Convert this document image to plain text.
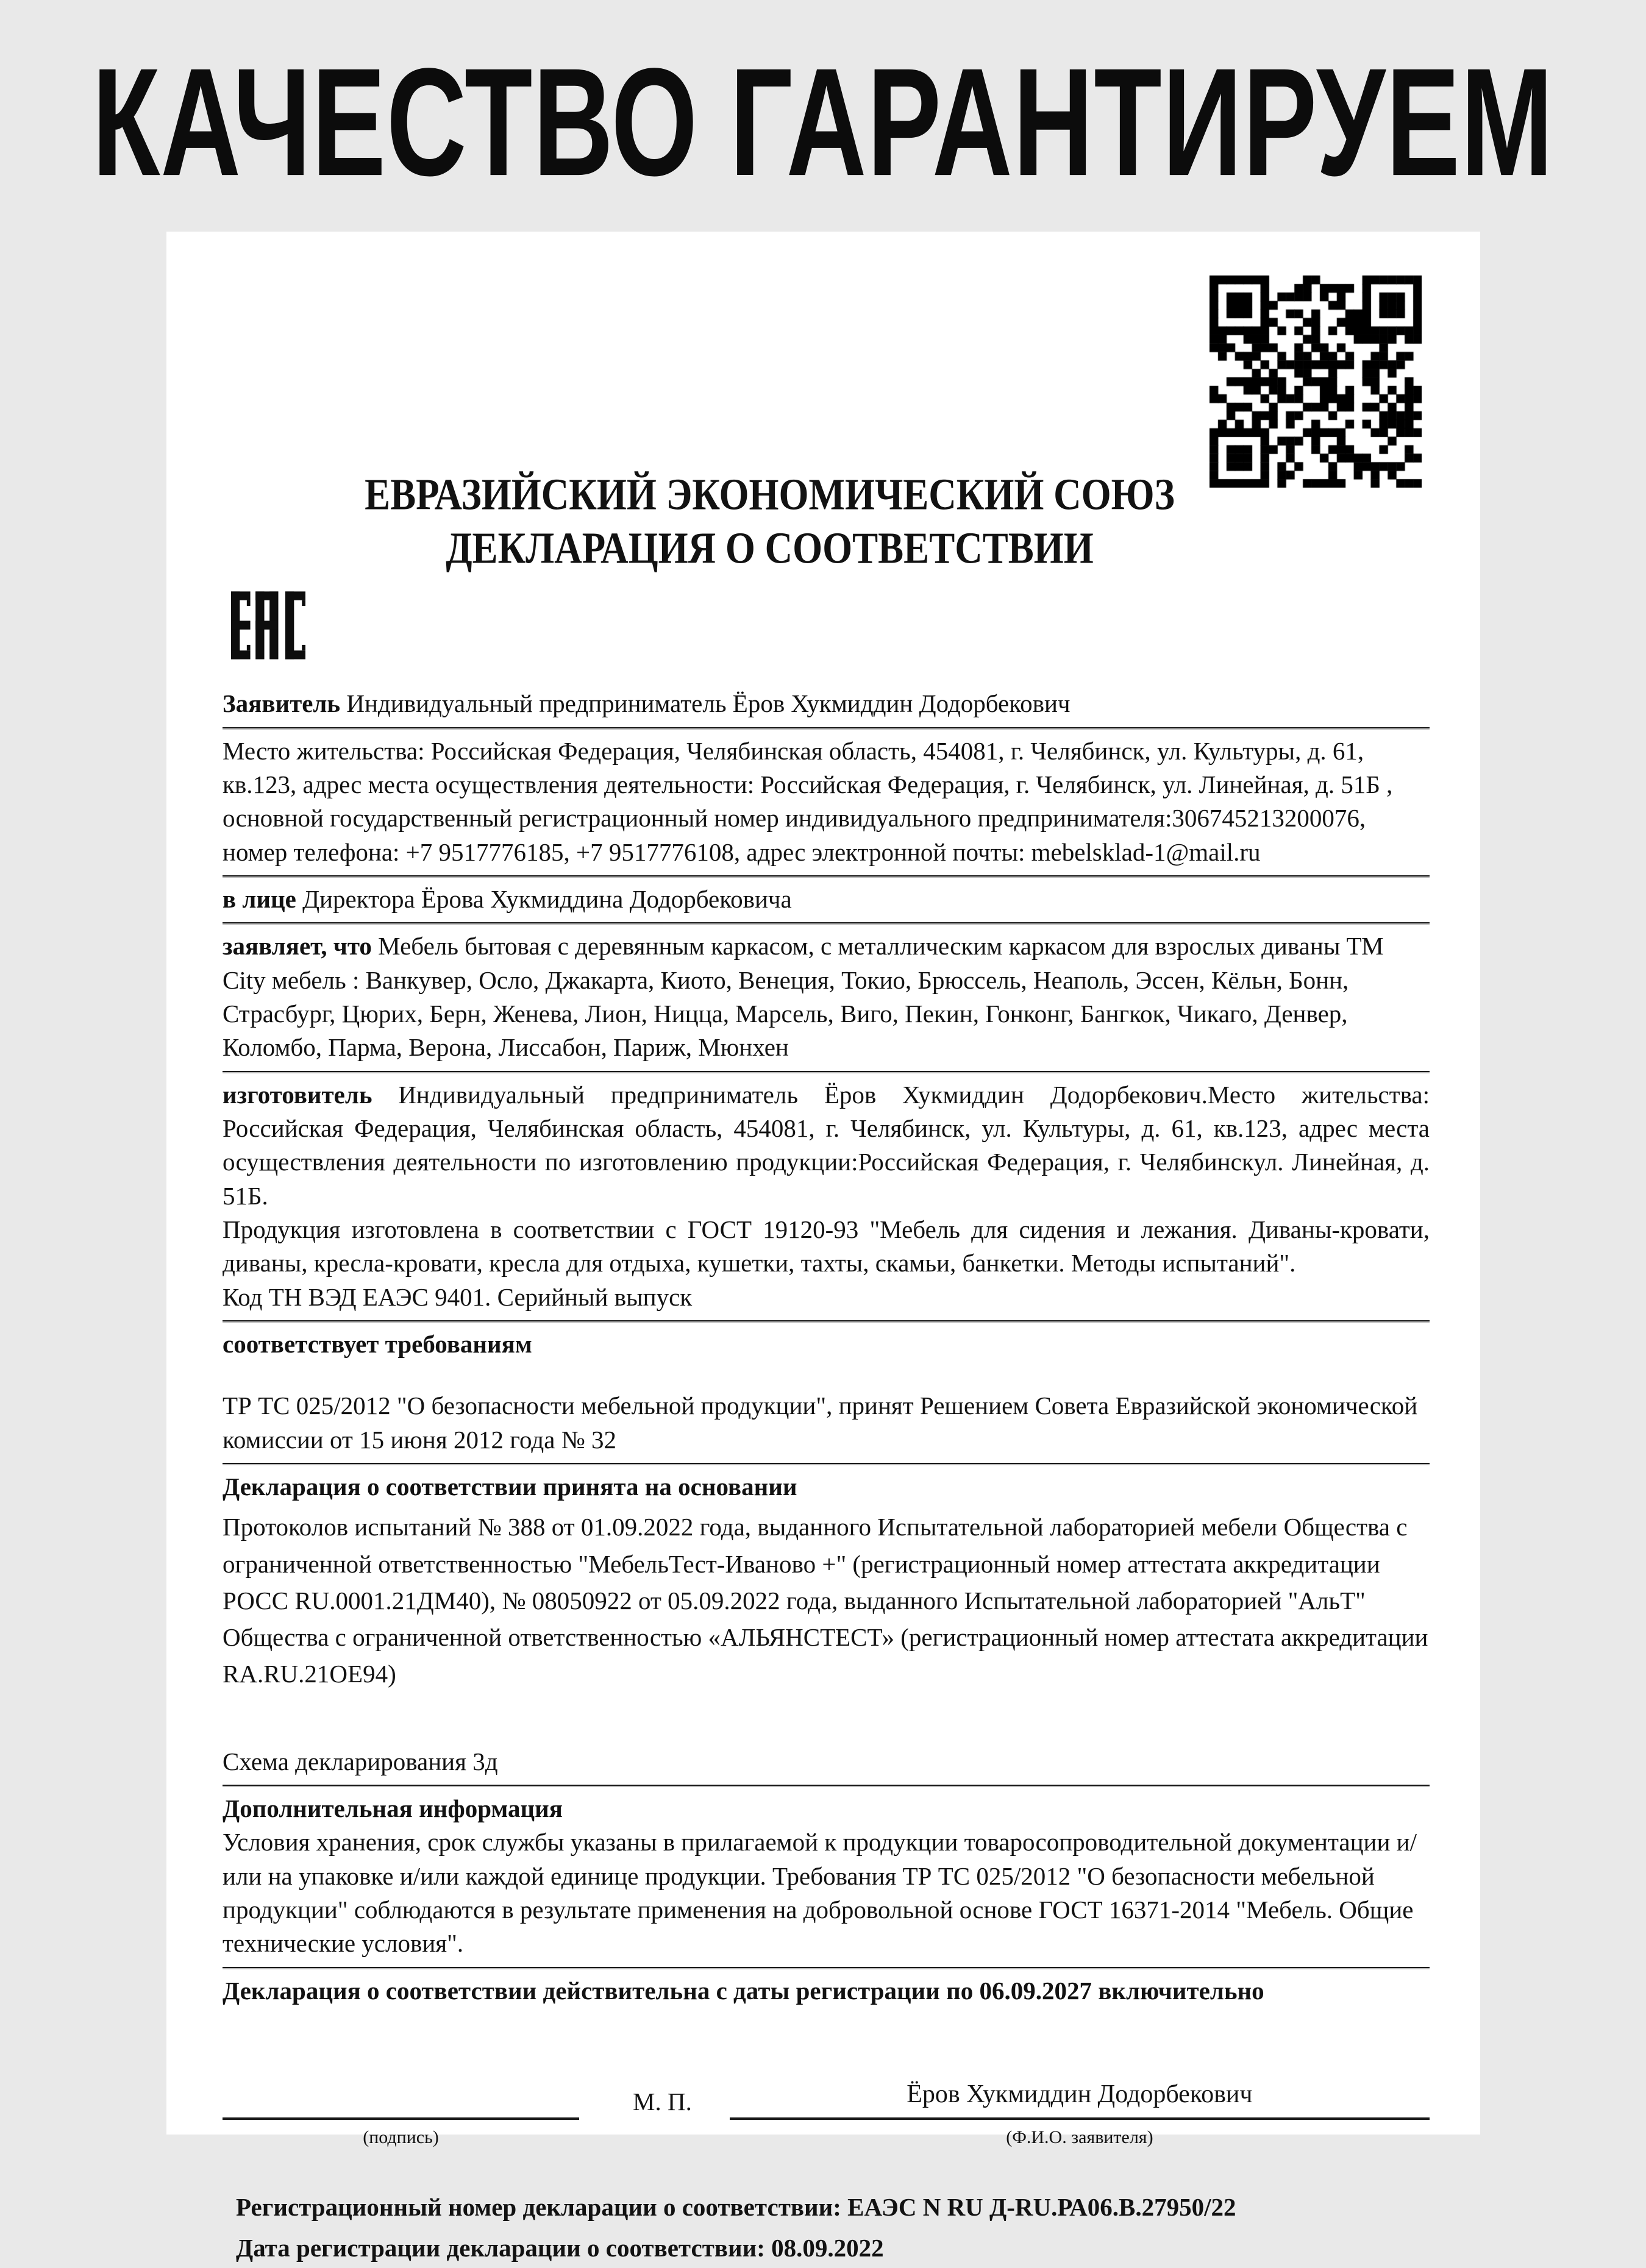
КАЧЕСТВО ГАРАНТИРУЕМ
ЕВРАЗИЙСКИЙ ЭКОНОМИЧЕСКИЙ СОЮЗ
ДЕКЛАРАЦИЯ О СООТВЕТСТВИИ

Заявитель Индивидуальный предприниматель Ёров Хукмиддин Додорбекович

Место жительства: Российская Федерация, Челябинская область, 454081, г. Челябинск, ул. Культуры, д. 61, кв.123, адрес места осуществления деятельности: Российская Федерация, г. Челябинск, ул. Линейная, д. 51Б , основной государственный регистрационный номер индивидуального предпринимателя:306745213200076, номер телефона: +7 9517776185, +7 9517776108, адрес электронной почты: mebelsklad-1@mail.ru

в лице Директора Ёрова Хукмиддина Додорбековича

заявляет, что Мебель бытовая с деревянным каркасом, с металлическим каркасом для взрослых диваны ТМ City мебель : Ванкувер, Осло, Джакарта, Киото, Венеция, Токио, Брюссель, Неаполь, Эссен, Кёльн, Бонн, Страсбург, Цюрих, Берн, Женева, Лион, Ницца, Марсель, Виго, Пекин, Гонконг, Бангкок, Чикаго, Денвер, Коломбо, Парма, Верона, Лиссабон, Париж, Мюнхен

изготовитель Индивидуальный предприниматель Ёров Хукмиддин Додорбекович.Место жительства: Российская Федерация, Челябинская область, 454081, г. Челябинск, ул. Культуры, д. 61, кв.123, адрес места осуществления деятельности по изготовлению продукции:Российская Федерация, г. Челябинскул. Линейная, д. 51Б.

Продукция изготовлена в соответствии с ГОСТ 19120-93 "Мебель для сидения и лежания. Диваны-кровати, диваны, кресла-кровати, кресла для отдыха, кушетки, тахты, скамьи, банкетки. Методы испытаний".

Код ТН ВЭД ЕАЭС 9401. Серийный выпуск

соответствует требованиям

ТР ТС 025/2012 "О безопасности мебельной продукции", принят Решением Совета Евразийской экономической комиссии от 15 июня 2012 года № 32

Декларация о соответствии принята на основании

Протоколов испытаний № 388 от 01.09.2022 года, выданного Испытательной лабораторией мебели Общества с ограниченной ответственностью "МебельТест-Иваново +" (регистрационный номер аттестата аккредитации РОСС RU.0001.21ДМ40), № 08050922 от 05.09.2022 года, выданного Испытательной лабораторией "АльТ" Общества с ограниченной ответственностью «АЛЬЯНСТЕСТ» (регистрационный номер аттестата аккредитации RA.RU.21ОЕ94)

Схема декларирования 3д

Дополнительная информация

Условия хранения, срок службы указаны в прилагаемой к продукции товаросопроводительной документации и/или на упаковке и/или каждой единице продукции. Требования ТР ТС 025/2012 "О безопасности мебельной продукции" соблюдаются в результате применения на добровольной основе ГОСТ 16371-2014 "Мебель. Общие технические условия".

Декларация о соответствии действительна с даты регистрации по 06.09.2027 включительно

(подпись)
М. П.	Ёров Хукмиддин Додорбекович
(Ф.И.О. заявителя)
Регистрационный номер декларации о соответствии: ЕАЭС N RU Д-RU.РА06.В.27950/22
Дата регистрации декларации о соответствии: 08.09.2022
